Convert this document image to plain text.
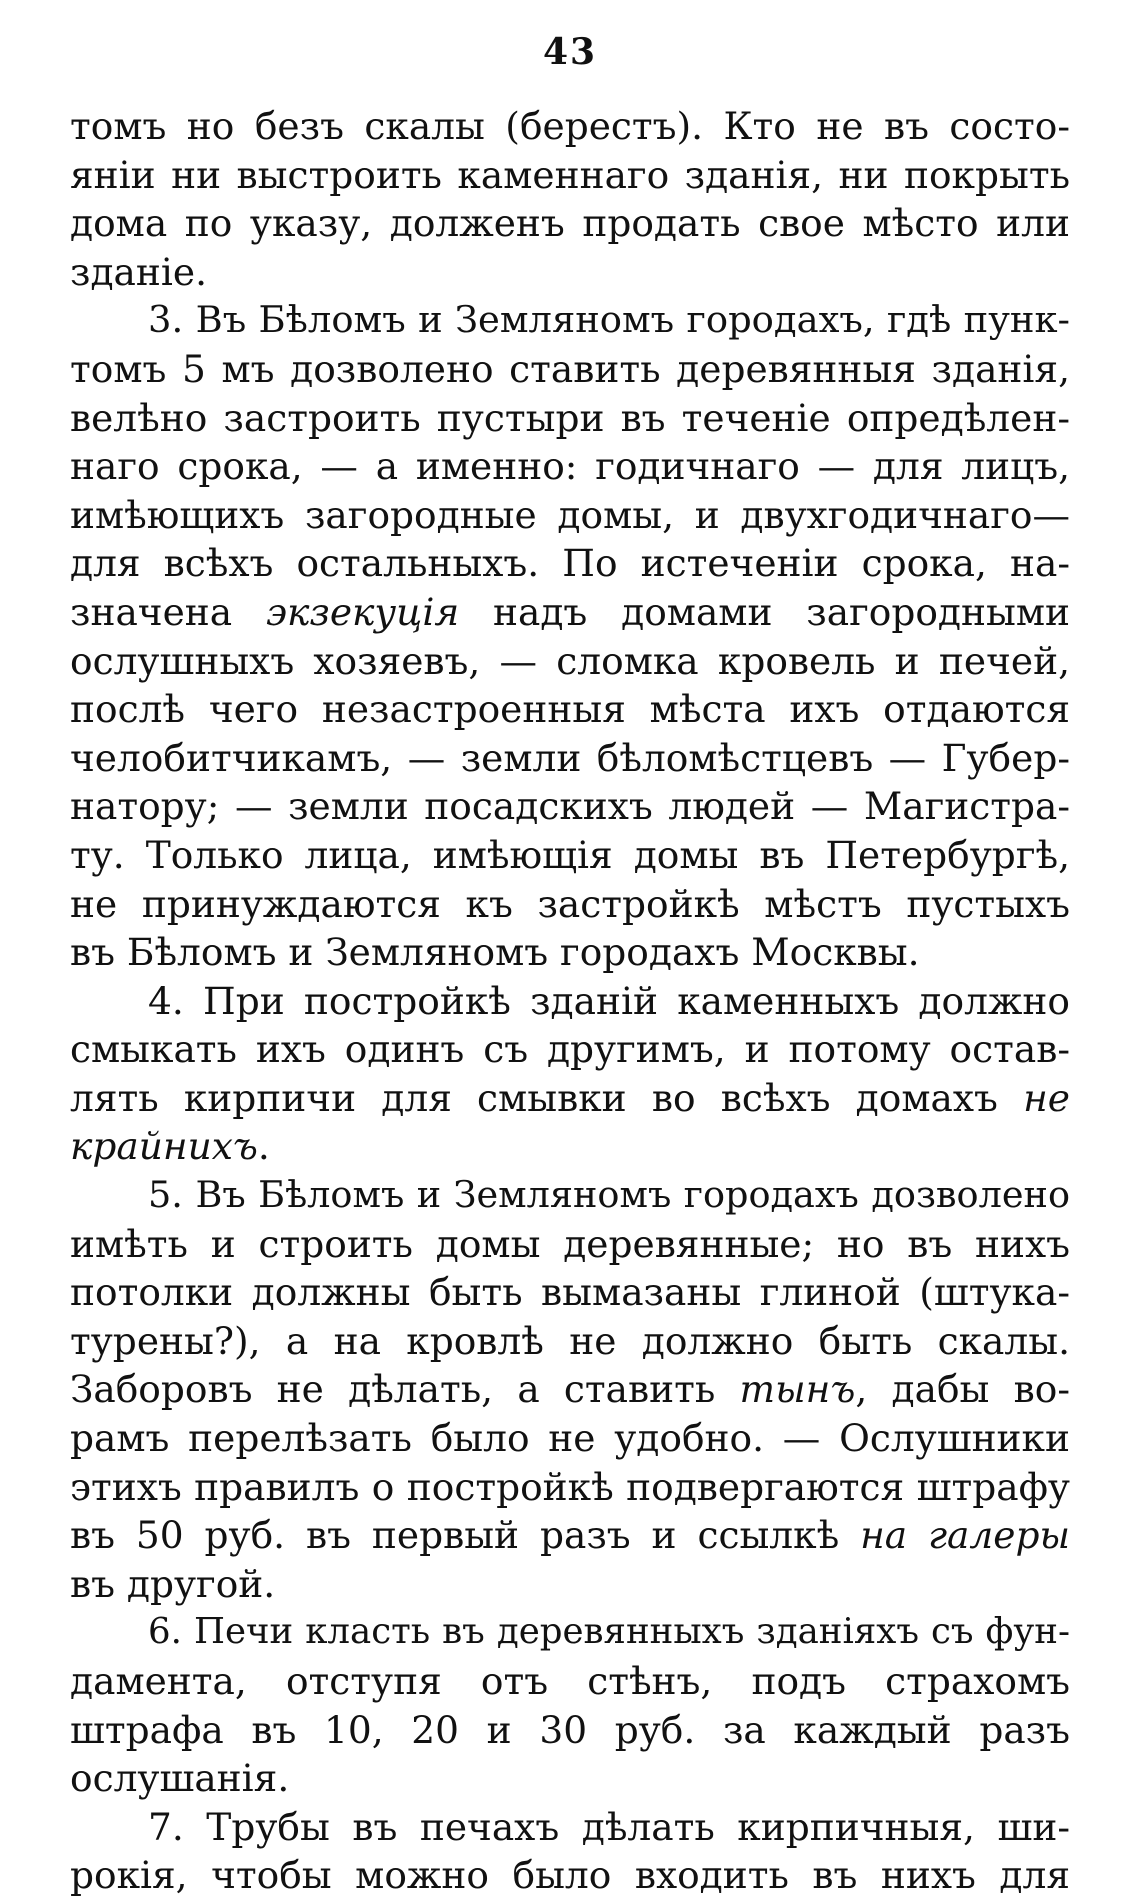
43
томъ но безъ скалы (берестъ). Кто не въ состо-
яніи ни выстроить каменнаго зданія, ни покрыть
дома по указу, долженъ продать свое мѣсто или
зданіе.
3. Въ Бѣломъ и Земляномъ городахъ, гдѣ пунк-
томъ 5 мъ дозволено ставить деревянныя зданія,
велѣно застроить пустыри въ теченіе опредѣлен-
наго срока, — а именно: годичнаго — для лицъ,
имѣющихъ загородные домы, и двухгодичнаго—
для всѣхъ остальныхъ. По истеченіи срока, на-
значена экзекуція надъ домами загородными
ослушныхъ хозяевъ, — сломка кровель и печей,
послѣ чего незастроенныя мѣста ихъ отдаются
челобитчикамъ, — земли бѣломѣстцевъ — Губер-
натору; — земли посадскихъ людей — Магистра-
ту. Только лица, имѣющія домы въ Петербургѣ,
не принуждаются къ застройкѣ мѣстъ пустыхъ
въ Бѣломъ и Земляномъ городахъ Москвы.
4. При постройкѣ зданій каменныхъ должно
смыкать ихъ одинъ съ другимъ, и потому остав-
лять кирпичи для смывки во всѣхъ домахъ не
крайнихъ.
5. Въ Бѣломъ и Земляномъ городахъ дозволено
имѣть и строить домы деревянные; но въ нихъ
потолки должны быть вымазаны глиной (штука-
турены?), а на кровлѣ не должно быть скалы.
Заборовъ не дѣлать, а ставить тынъ, дабы во-
рамъ перелѣзать было не удобно. — Ослушники
этихъ правилъ о постройкѣ подвергаются штрафу
въ 50 руб. въ первый разъ и ссылкѣ на галеры
въ другой.
6. Печи класть въ деревянныхъ зданіяхъ съ фун-
дамента, отступя отъ стѣнъ, подъ страхомъ
штрафа въ 10, 20 и 30 руб. за каждый разъ
ослушанія.
7. Трубы въ печахъ дѣлать кирпичныя, ши-
рокія, чтобы можно было входить въ нихъ для
